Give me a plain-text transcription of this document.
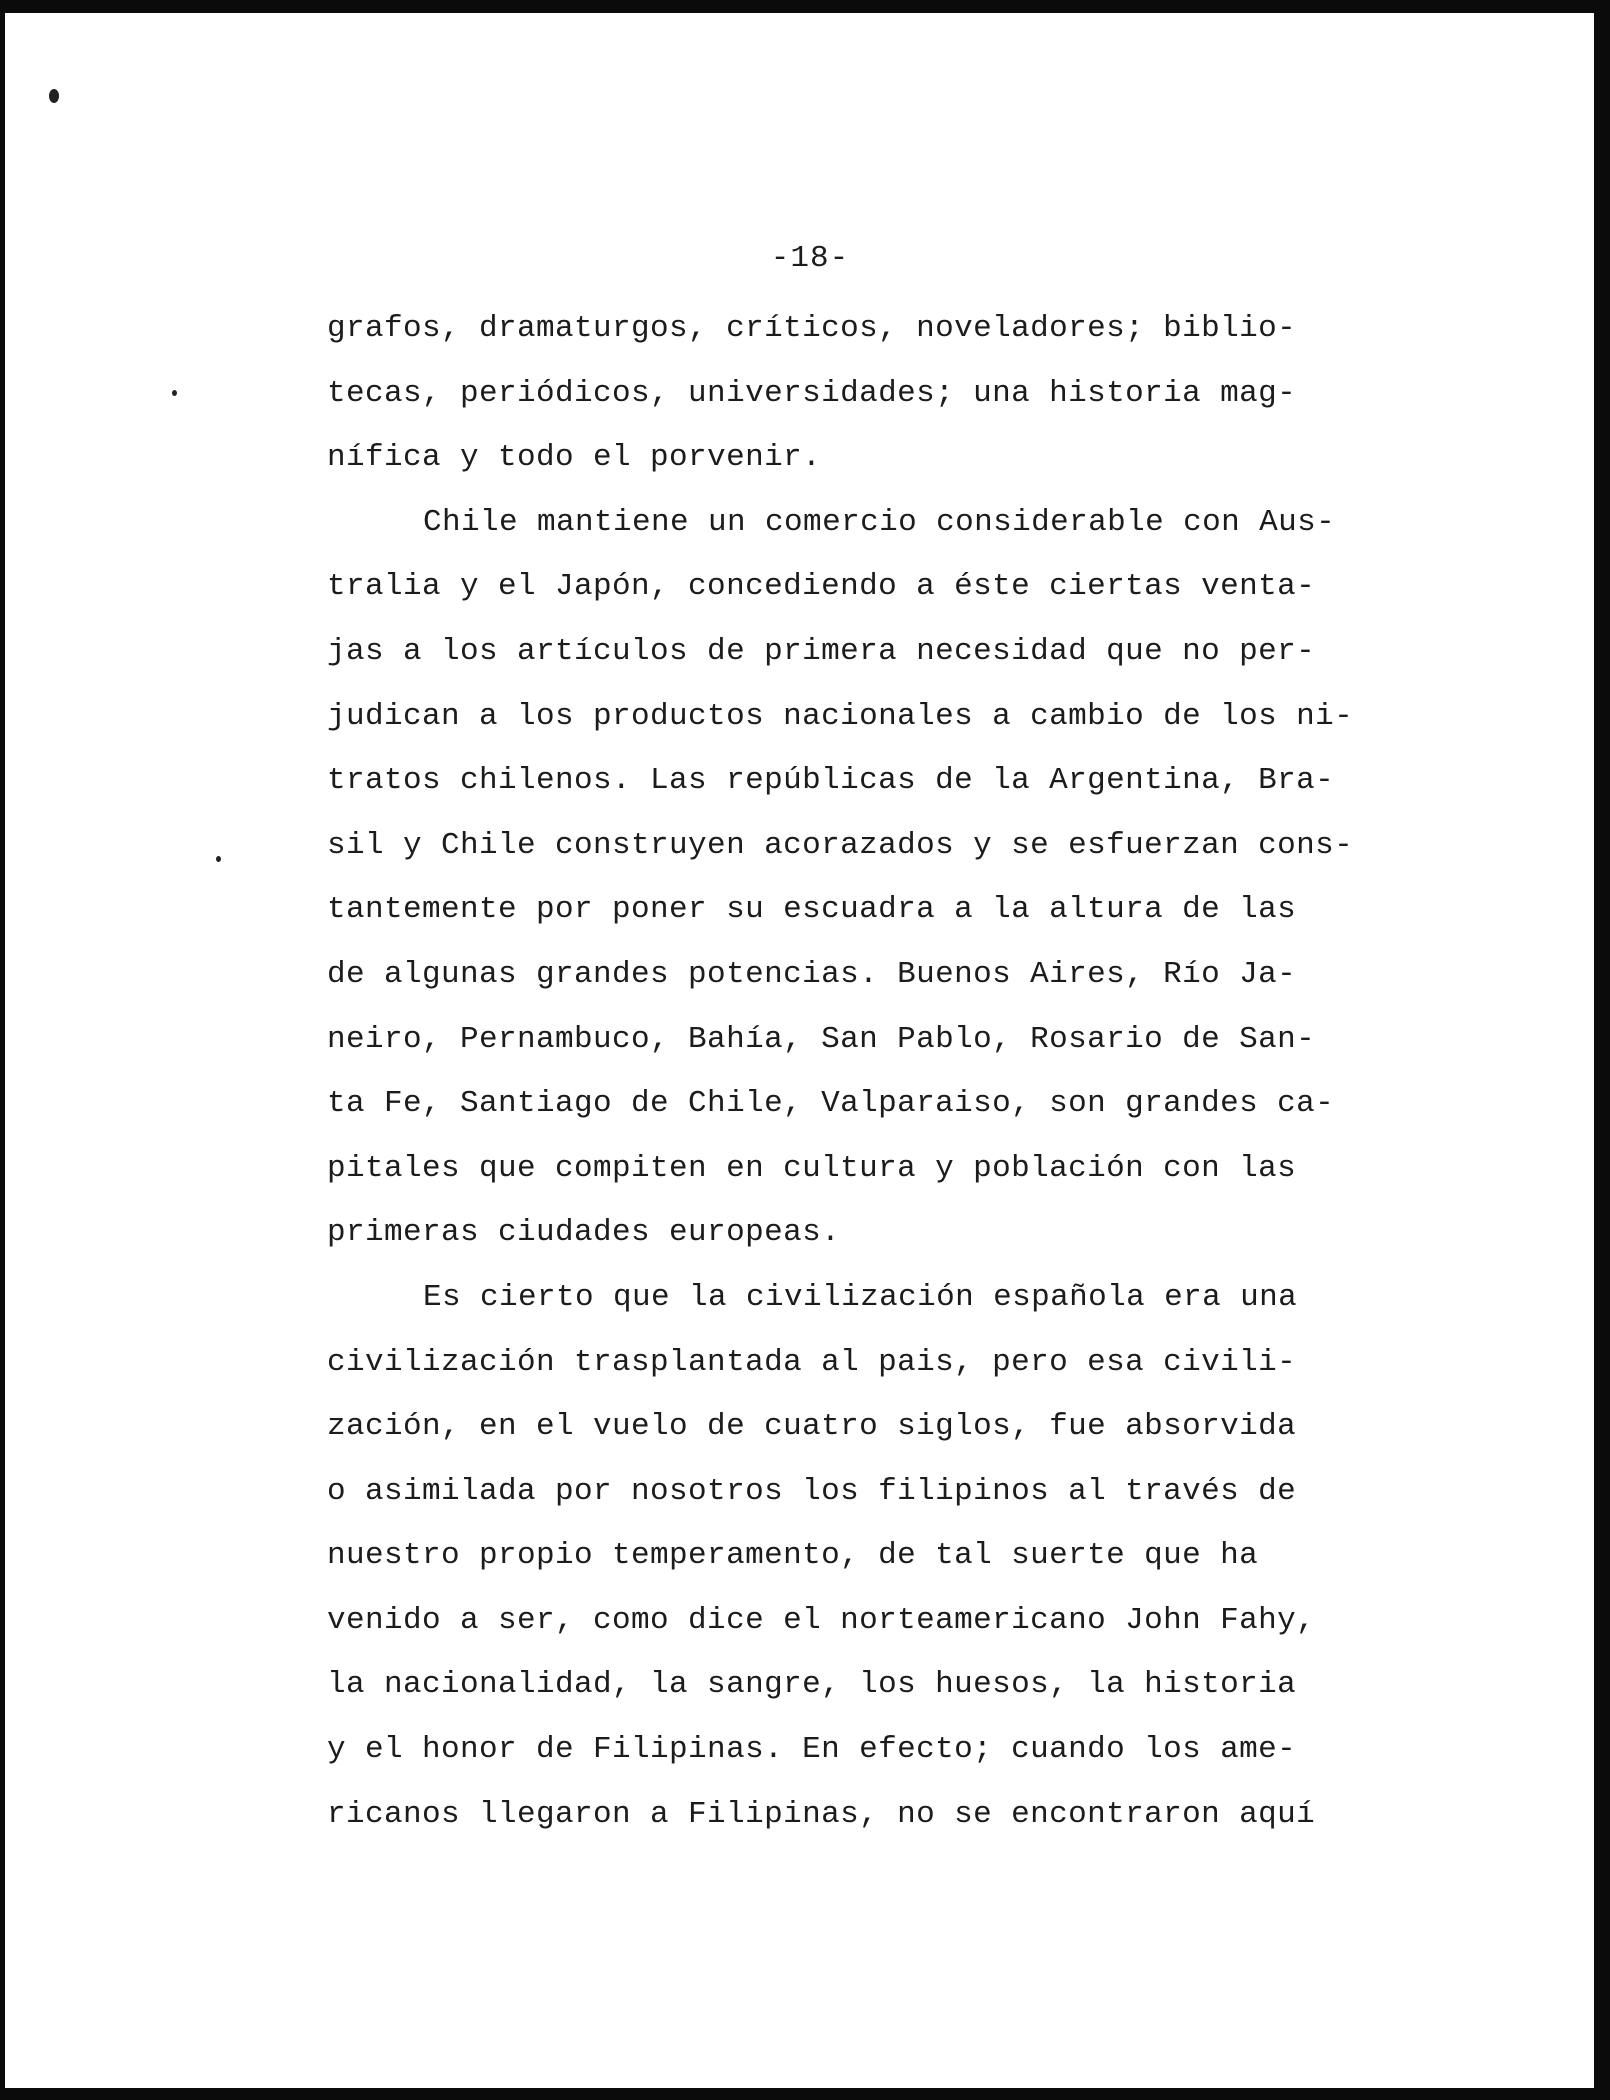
-18-
grafos, dramaturgos, críticos, noveladores; biblio-
tecas, periódicos, universidades; una historia mag-
nífica y todo el porvenir.
Chile mantiene un comercio considerable con Aus-
tralia y el Japón, concediendo a éste ciertas venta-
jas a los artículos de primera necesidad que no per-
judican a los productos nacionales a cambio de los ni-
tratos chilenos. Las repúblicas de la Argentina, Bra-
sil y Chile construyen acorazados y se esfuerzan cons-
tantemente por poner su escuadra a la altura de las
de algunas grandes potencias. Buenos Aires, Río Ja-
neiro, Pernambuco, Bahía, San Pablo, Rosario de San-
ta Fe, Santiago de Chile, Valparaiso, son grandes ca-
pitales que compiten en cultura y población con las
primeras ciudades europeas.
Es cierto que la civilización española era una
civilización trasplantada al pais, pero esa civili-
zación, en el vuelo de cuatro siglos, fue absorvida
o asimilada por nosotros los filipinos al través de
nuestro propio temperamento, de tal suerte que ha
venido a ser, como dice el norteamericano John Fahy,
la nacionalidad, la sangre, los huesos, la historia
y el honor de Filipinas. En efecto; cuando los ame-
ricanos llegaron a Filipinas, no se encontraron aquí
